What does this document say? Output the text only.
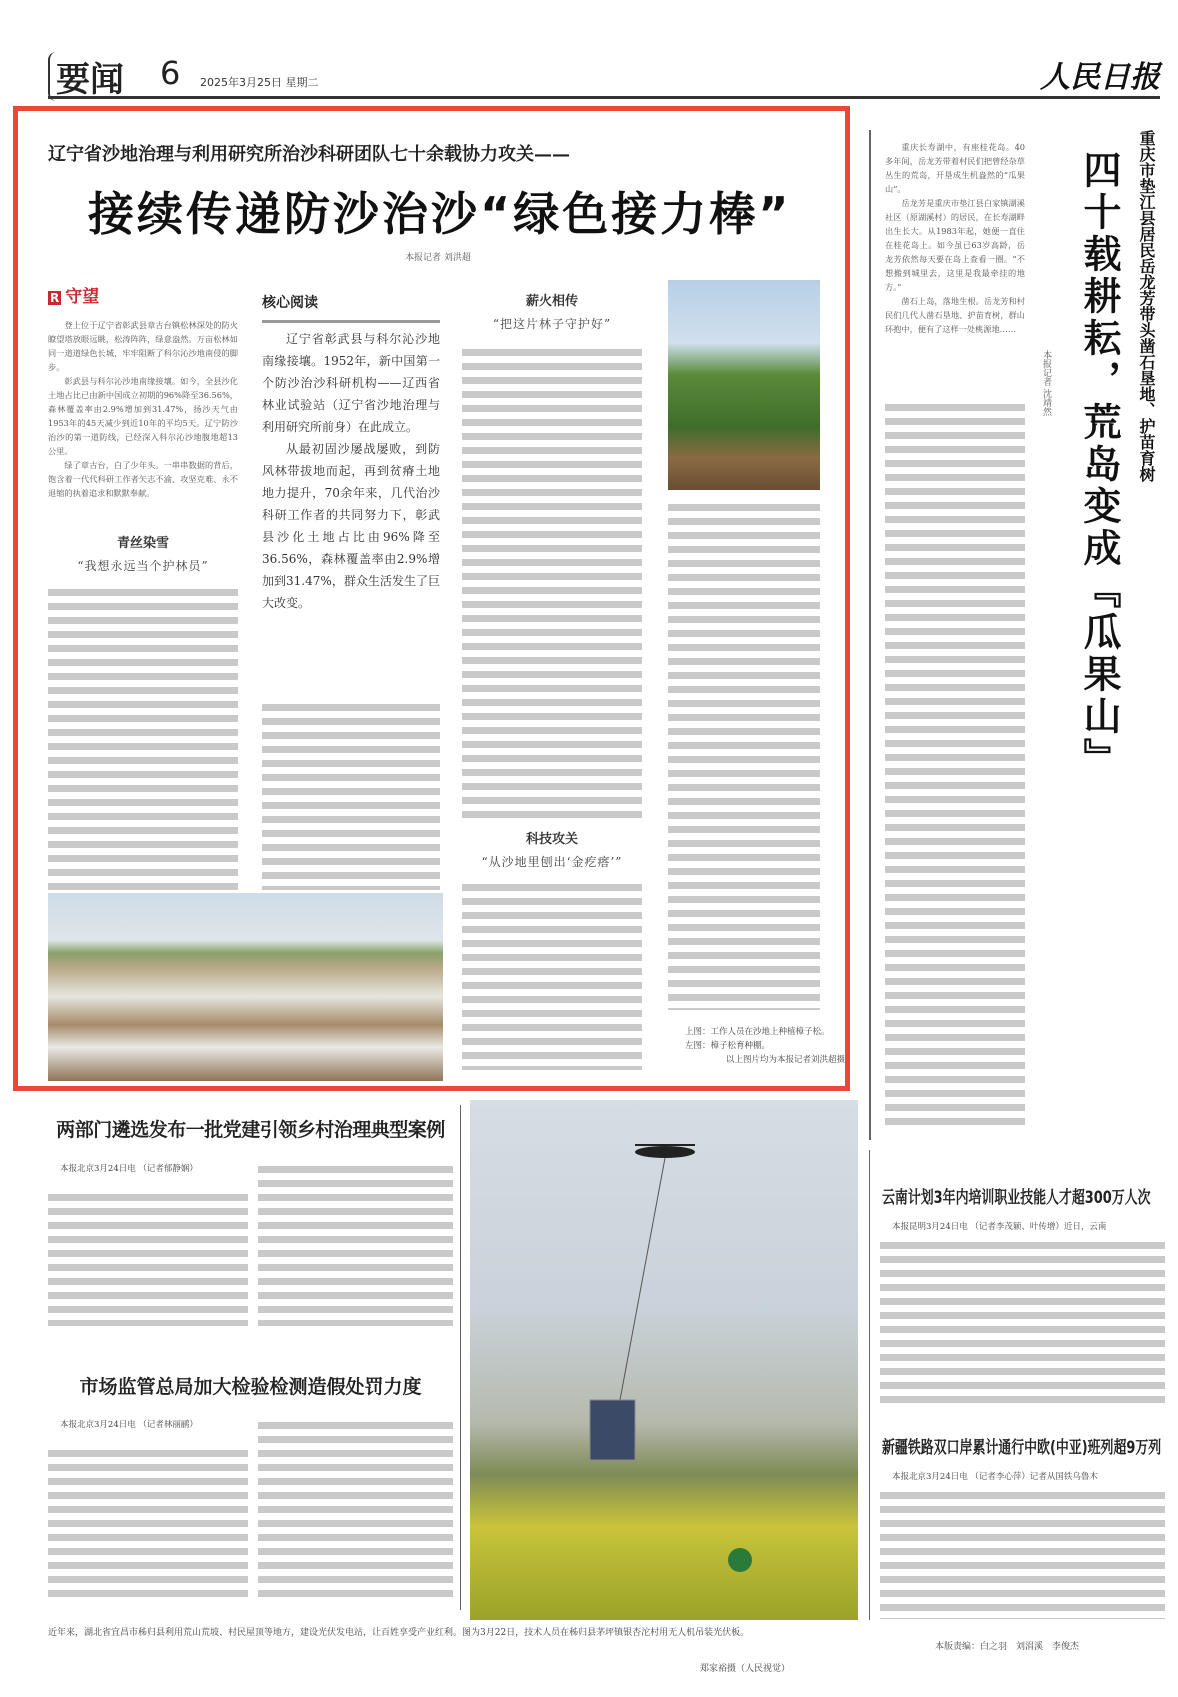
要闻 6 2025年3月25日 星期二	人民日报
辽宁省沙地治理与利用研究所治沙科研团队七十余载协力攻关——
接续传递防沙治沙“绿色接力棒”
本报记者 刘洪超
R 守望

登上位于辽宁省彰武县章古台镇松林深处的防火瞭望塔放眼远眺，松涛阵阵，绿意盎然。万亩松林如同一道道绿色长城，牢牢阻断了科尔沁沙地南侵的脚步。

彰武县与科尔沁沙地南缘接壤。如今，全县沙化土地占比已由新中国成立初期的96%降至36.56%，森林覆盖率由2.9%增加到31.47%，扬沙天气由1953年的45天减少到近10年的平均5天。辽宁防沙治沙的第一道防线，已经深入科尔沁沙地腹地超13公里。

绿了章古台，白了少年头。一串串数据的背后，饱含着一代代科研工作者矢志不渝、攻坚克难、永不退缩的执着追求和默默奉献。

青丝染雪
“我想永远当个护林员”
核心阅读

辽宁省彰武县与科尔沁沙地南缘接壤。1952年，新中国第一个防沙治沙科研机构——辽西省林业试验站（辽宁省沙地治理与利用研究所前身）在此成立。

从最初固沙屡战屡败，到防风林带拔地而起，再到贫瘠土地地力提升，70余年来，几代治沙科研工作者的共同努力下，彰武县沙化土地占比由96%降至36.56%，森林覆盖率由2.9%增加到31.47%，群众生活发生了巨大改变。

薪火相传
“把这片林子守护好”
科技攻关
“从沙地里刨出‘金疙瘩’”
上图：工作人员在沙地上种植樟子松。
左图：樟子松育种棚。
以上图片均为本报记者刘洪超摄

重庆长寿湖中，有座桂花岛。40多年间，岳龙芳带着村民们把曾经杂草丛生的荒岛，开垦成生机盎然的“瓜果山”。

岳龙芳是重庆市垫江县白家镇湖溪社区（原湖溪村）的居民，在长寿湖畔出生长大。从1983年起，她便一直住在桂花岛上。如今虽已63岁高龄，岳龙芳依然每天要在岛上查看一圈。“不想搬到城里去，这里是我最牵挂的地方。”

凿石上岛，落地生根。岳龙芳和村民们几代人凿石垦地、护苗育树，群山环抱中，便有了这样一处桃源地……

本报记者 沈靖然 四十载耕耘，荒岛变成『瓜果山』	重庆市垫江县居民岳龙芳带头凿石垦地、护苗育树
两部门遴选发布一批党建引领乡村治理典型案例
本报北京3月24日电 （记者郁静娴）
市场监管总局加大检验检测造假处罚力度
本报北京3月24日电 （记者林丽鹂）
近年来，湖北省宜昌市秭归县利用荒山荒坡、村民屋顶等地方，建设光伏发电站，让百姓享受产业红利。图为3月22日，技术人员在秭归县茅坪镇银杏沱村用无人机吊装光伏板。
郑家裕摄（人民视觉）
云南计划3年内培训职业技能人才超300万人次
本报昆明3月24日电 （记者李茂颖、叶传增）近日，云南
新疆铁路双口岸累计通行中欧(中亚)班列超9万列
本报北京3月24日电 （记者李心萍）记者从国铁乌鲁木
本版责编：白之羽　刘涓溪　李俊杰
